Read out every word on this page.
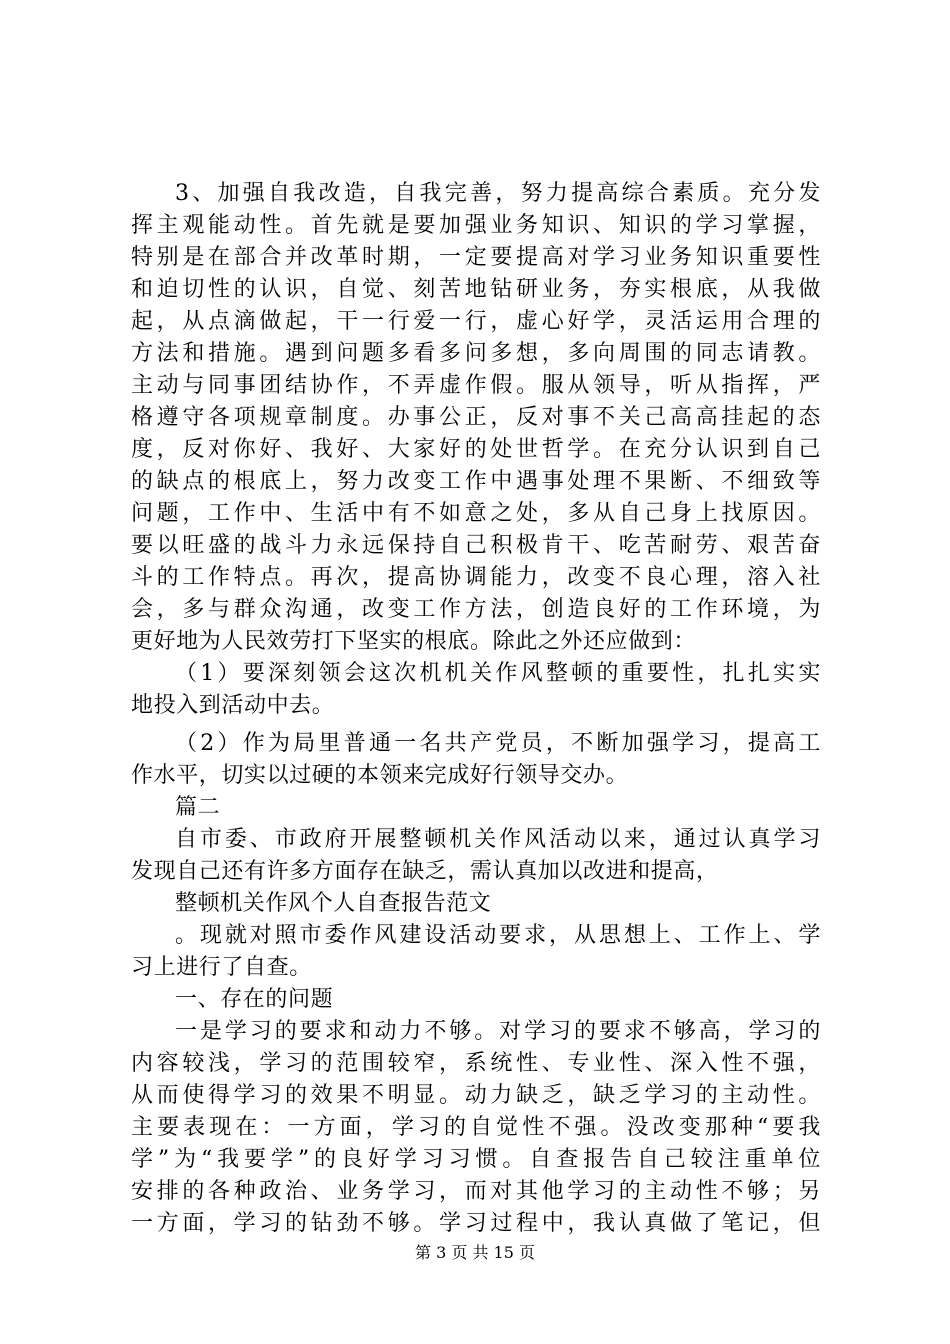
3、加强自我改造，自我完善，努力提高综合素质。充分发
挥主观能动性。首先就是要加强业务知识、知识的学习掌握，
特别是在部合并改革时期，一定要提高对学习业务知识重要性
和迫切性的认识，自觉、刻苦地钻研业务，夯实根底，从我做
起，从点滴做起，干一行爱一行，虚心好学，灵活运用合理的
方法和措施。遇到问题多看多问多想，多向周围的同志请教。
主动与同事团结协作，不弄虚作假。服从领导，听从指挥，严
格遵守各项规章制度。办事公正，反对事不关己高高挂起的态
度，反对你好、我好、大家好的处世哲学。在充分认识到自己
的缺点的根底上，努力改变工作中遇事处理不果断、不细致等
问题，工作中、生活中有不如意之处，多从自己身上找原因。
要以旺盛的战斗力永远保持自己积极肯干、吃苦耐劳、艰苦奋
斗的工作特点。再次，提高协调能力，改变不良心理，溶入社
会，多与群众沟通，改变工作方法，创造良好的工作环境，为
更好地为人民效劳打下坚实的根底。除此之外还应做到：
（1）要深刻领会这次机机关作风整顿的重要性，扎扎实实
地投入到活动中去。
（2）作为局里普通一名共产党员，不断加强学习，提高工
作水平，切实以过硬的本领来完成好行领导交办。
篇二
自市委、市政府开展整顿机关作风活动以来，通过认真学习
发现自己还有许多方面存在缺乏，需认真加以改进和提高，
整顿机关作风个人自查报告范文
。现就对照市委作风建设活动要求，从思想上、工作上、学
习上进行了自查。
一、存在的问题
一是学习的要求和动力不够。对学习的要求不够高，学习的
内容较浅，学习的范围较窄，系统性、专业性、深入性不强，
从而使得学习的效果不明显。动力缺乏，缺乏学习的主动性。
主要表现在：一方面，学习的自觉性不强。没改变那种“要我
学”为“我要学”的良好学习习惯。自查报告自己较注重单位
安排的各种政治、业务学习，而对其他学习的主动性不够；另
一方面，学习的钻劲不够。学习过程中，我认真做了笔记，但
第 3 页 共 15 页
